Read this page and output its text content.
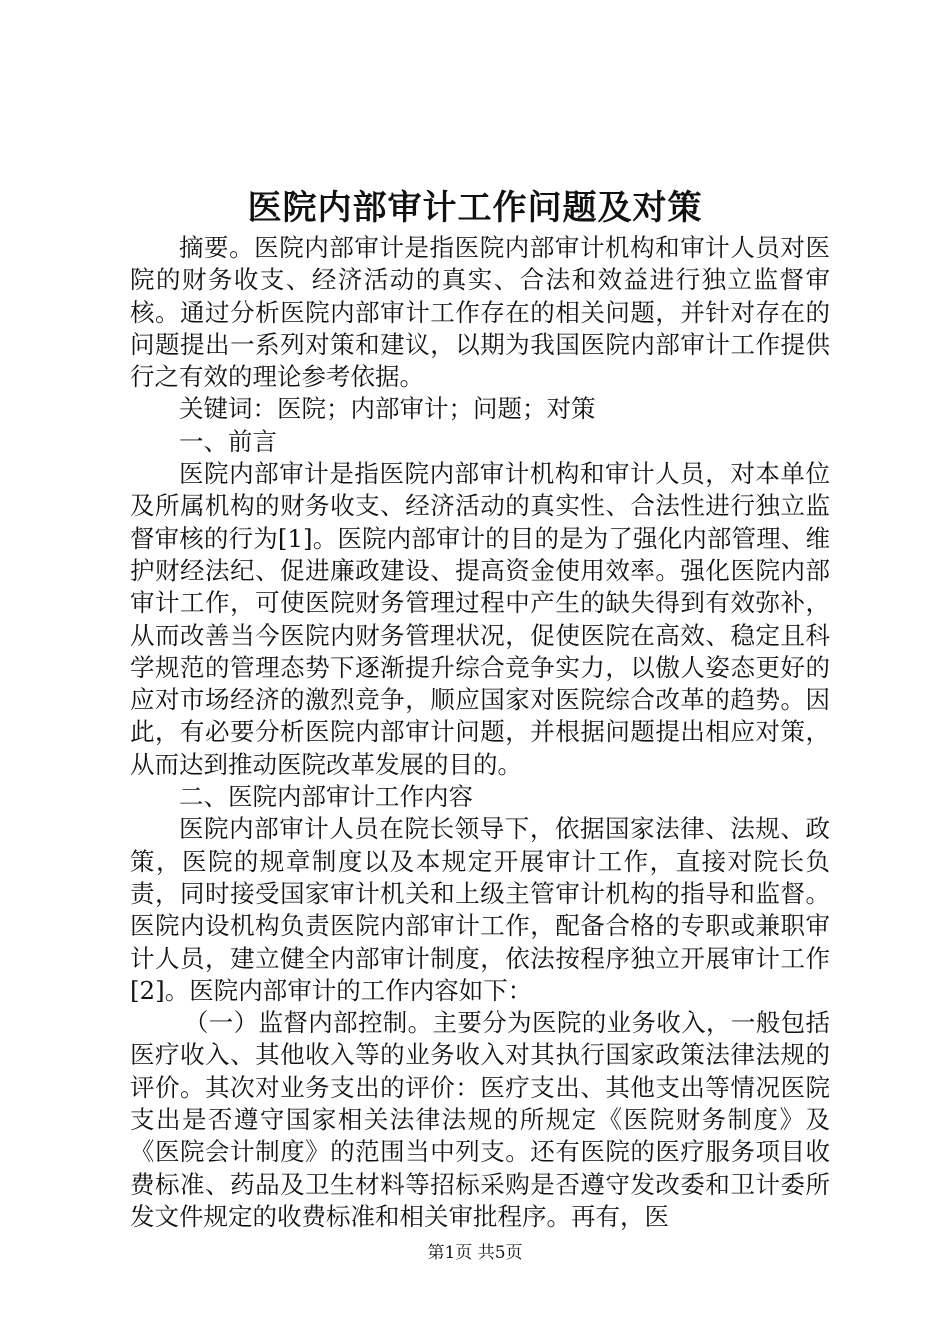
医院内部审计工作问题及对策

摘要。医院内部审计是指医院内部审计机构和审计人员对医院的财务收支、经济活动的真实、合法和效益进行独立监督审核。通过分析医院内部审计工作存在的相关问题，并针对存在的问题提出一系列对策和建议，以期为我国医院内部审计工作提供行之有效的理论参考依据。

关键词：医院；内部审计；问题；对策

一、前言

医院内部审计是指医院内部审计机构和审计人员，对本单位及所属机构的财务收支、经济活动的真实性、合法性进行独立监督审核的行为[1]。医院内部审计的目的是为了强化内部管理、维护财经法纪、促进廉政建设、提高资金使用效率。强化医院内部审计工作，可使医院财务管理过程中产生的缺失得到有效弥补，从而改善当今医院内财务管理状况，促使医院在高效、稳定且科学规范的管理态势下逐渐提升综合竞争实力，以傲人姿态更好的应对市场经济的激烈竞争，顺应国家对医院综合改革的趋势。因此，有必要分析医院内部审计问题，并根据问题提出相应对策，从而达到推动医院改革发展的目的。

二、医院内部审计工作内容

医院内部审计人员在院长领导下，依据国家法律、法规、政策，医院的规章制度以及本规定开展审计工作，直接对院长负责，同时接受国家审计机关和上级主管审计机构的指导和监督。医院内设机构负责医院内部审计工作，配备合格的专职或兼职审计人员，建立健全内部审计制度，依法按程序独立开展审计工作[2]。医院内部审计的工作内容如下：

（一）监督内部控制。主要分为医院的业务收入，一般包括医疗收入、其他收入等的业务收入对其执行国家政策法律法规的评价。其次对业务支出的评价：医疗支出、其他支出等情况医院支出是否遵守国家相关法律法规的所规定《医院财务制度》及《医院会计制度》的范围当中列支。还有医院的医疗服务项目收费标准、药品及卫生材料等招标采购是否遵守发改委和卫计委所发文件规定的收费标准和相关审批程序。再有，医

第1页 共5页
